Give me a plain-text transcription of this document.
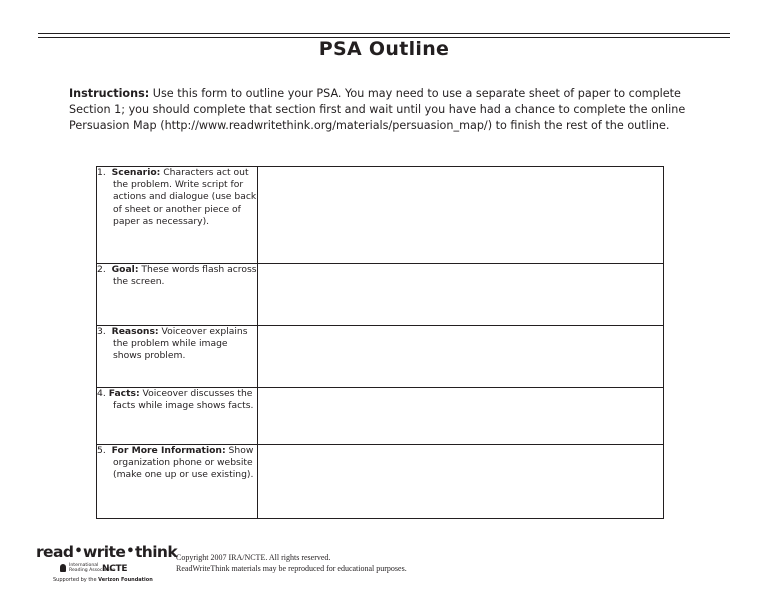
PSA Outline
Instructions: Use this form to outline your PSA. You may need to use a separate sheet of paper to complete Section 1; you should complete that section first and wait until you have had a chance to complete the online Persuasion Map (http://www.readwritethink.org/materials/persuasion_map/) to finish the rest of the outline.
1. Scenario: Characters act out the problem. Write script for actions and dialogue (use back of sheet or another piece of paper as necessary).	

2. Goal: These words flash across the screen.	

3. Reasons: Voiceover explains the problem while image shows problem.	

4. Facts: Voiceover discusses the facts while image shows facts.	

5. For More Information: Show organization phone or website (make one up or use existing).	

read•write•think
International
Reading Association
NCTE
Supported by the Verizon Foundation
Copyright 2007 IRA/NCTE. All rights reserved.
ReadWriteThink materials may be reproduced for educational purposes.
